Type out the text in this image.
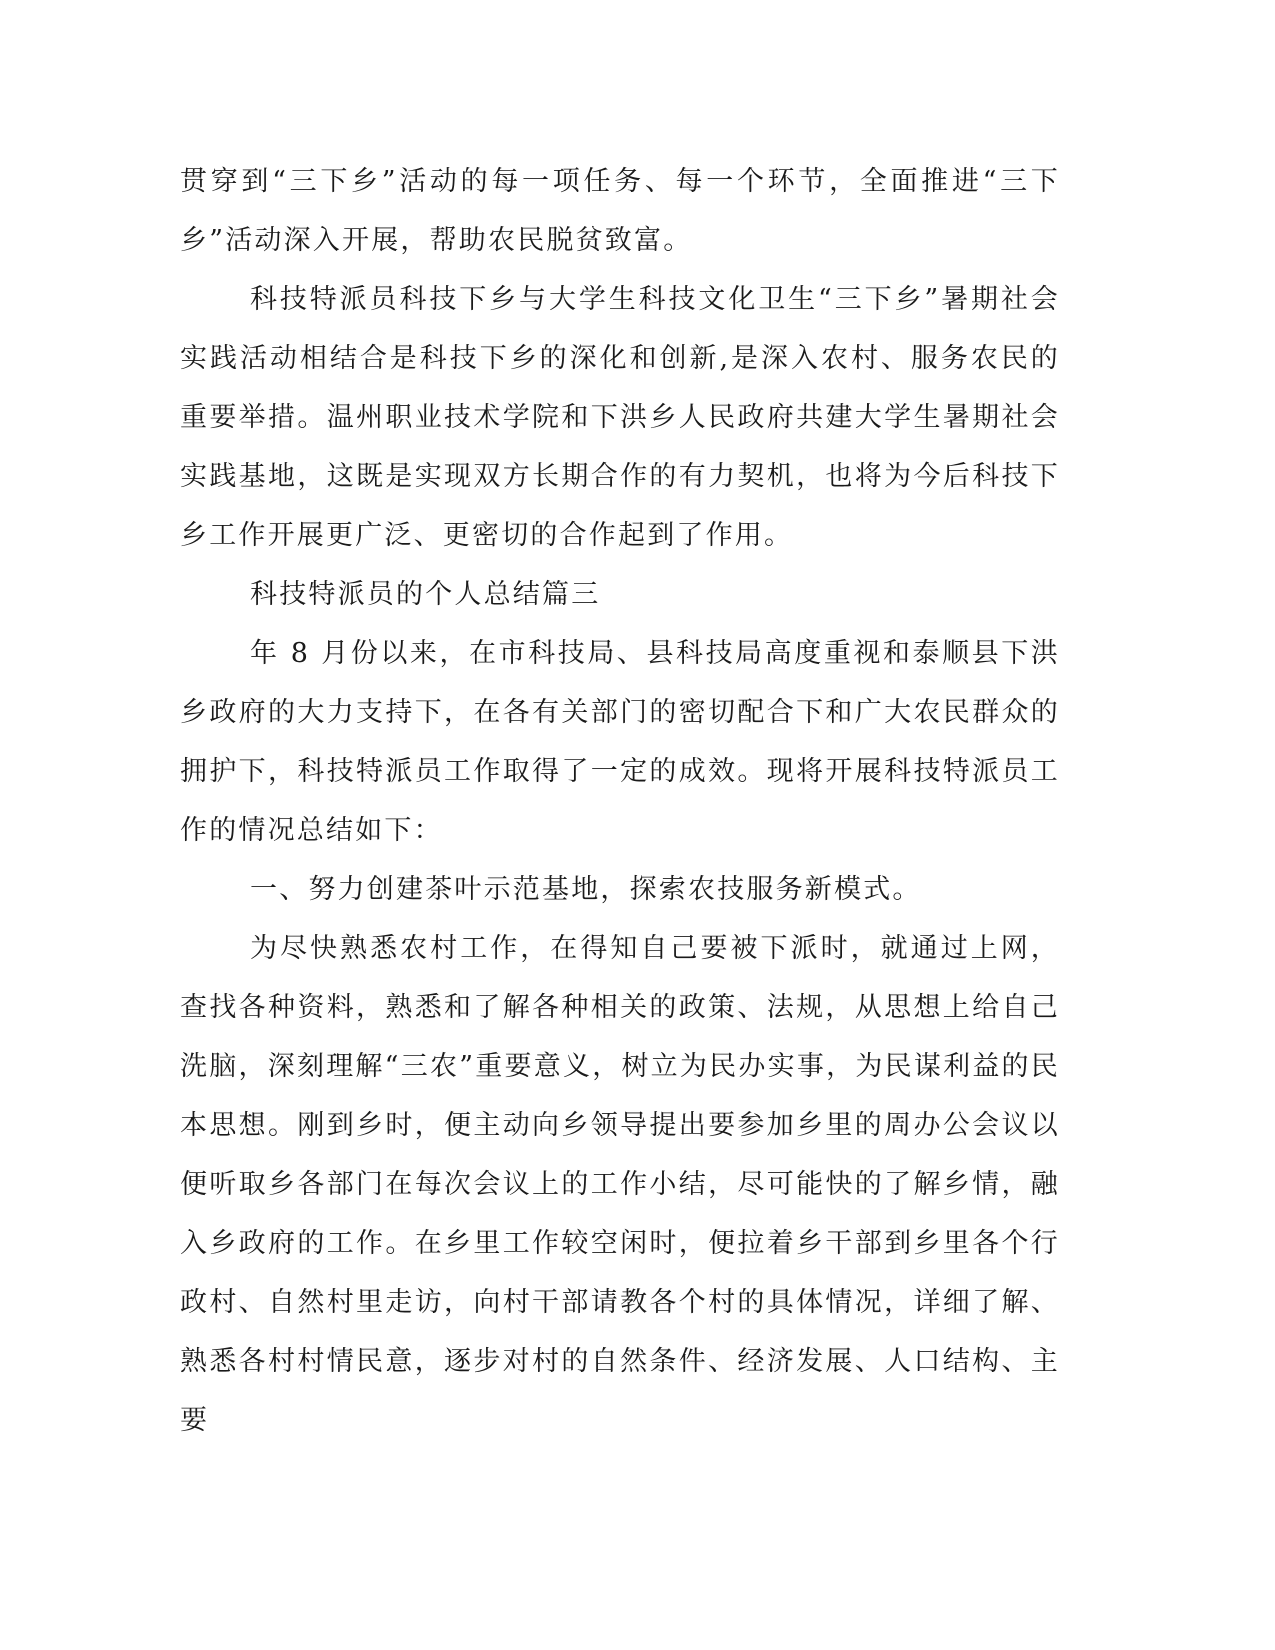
贯穿到“三下乡”活动的每一项任务、每一个环节，全面推进“三下乡”活动深入开展，帮助农民脱贫致富。

科技特派员科技下乡与大学生科技文化卫生“三下乡”暑期社会实践活动相结合是科技下乡的深化和创新,是深入农村、服务农民的重要举措。温州职业技术学院和下洪乡人民政府共建大学生暑期社会实践基地，这既是实现双方长期合作的有力契机，也将为今后科技下乡工作开展更广泛、更密切的合作起到了作用。

科技特派员的个人总结篇三

年 8 月份以来，在市科技局、县科技局高度重视和泰顺县下洪乡政府的大力支持下，在各有关部门的密切配合下和广大农民群众的拥护下，科技特派员工作取得了一定的成效。现将开展科技特派员工作的情况总结如下：

一、努力创建茶叶示范基地，探索农技服务新模式。

为尽快熟悉农村工作，在得知自己要被下派时，就通过上网，查找各种资料，熟悉和了解各种相关的政策、法规，从思想上给自己洗脑，深刻理解“三农”重要意义，树立为民办实事，为民谋利益的民本思想。刚到乡时，便主动向乡领导提出要参加乡里的周办公会议以便听取乡各部门在每次会议上的工作小结，尽可能快的了解乡情，融入乡政府的工作。在乡里工作较空闲时，便拉着乡干部到乡里各个行政村、自然村里走访，向村干部请教各个村的具体情况，详细了解、熟悉各村村情民意，逐步对村的自然条件、经济发展、人口结构、主要
